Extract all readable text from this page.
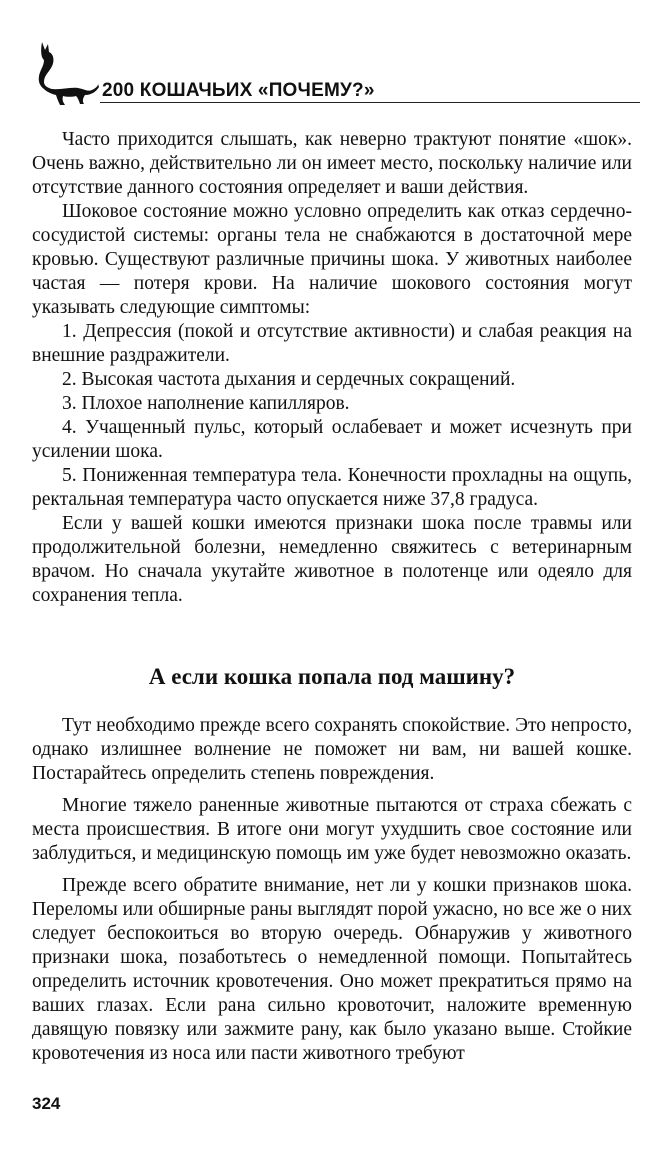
200 КОШАЧЬИХ «ПОЧЕМУ?»

Часто приходится слышать, как неверно трактуют понятие «шок». Очень важно, действительно ли он имеет место, поскольку наличие или отсутствие данного состояния определяет и ваши действия.

Шоковое состояние можно условно определить как отказ сердечно-сосудистой системы: органы тела не снабжаются в достаточной мере кровью. Существуют различные причины шока. У животных наиболее частая — потеря крови. На наличие шокового состояния могут указывать следующие симптомы:

1. Депрессия (покой и отсутствие активности) и слабая реакция на внешние раздражители.

2. Высокая частота дыхания и сердечных сокращений.

3. Плохое наполнение капилляров.

4. Учащенный пульс, который ослабевает и может исчезнуть при усилении шока.

5. Пониженная температура тела. Конечности прохладны на ощупь, ректальная температура часто опускается ниже 37,8 градуса.

Если у вашей кошки имеются признаки шока после травмы или продолжительной болезни, немедленно свяжитесь с ветеринарным врачом. Но сначала укутайте животное в полотенце или одеяло для сохранения тепла.

А если кошка попала под машину?

Тут необходимо прежде всего сохранять спокойствие. Это непросто, однако излишнее волнение не поможет ни вам, ни вашей кошке. Постарайтесь определить степень повреждения.

Многие тяжело раненные животные пытаются от страха сбежать с места происшествия. В итоге они могут ухудшить свое состояние или заблудиться, и медицинскую помощь им уже будет невозможно оказать.

Прежде всего обратите внимание, нет ли у кошки признаков шока. Переломы или обширные раны выглядят порой ужасно, но все же о них следует беспокоиться во вторую очередь. Обнаружив у животного признаки шока, позаботьтесь о немедленной помощи. Попытайтесь определить источник кровотечения. Оно может прекратиться прямо на ваших глазах. Если рана сильно кровоточит, наложите временную давящую повязку или зажмите рану, как было указано выше. Стойкие кровотечения из носа или пасти животного требуют

324
